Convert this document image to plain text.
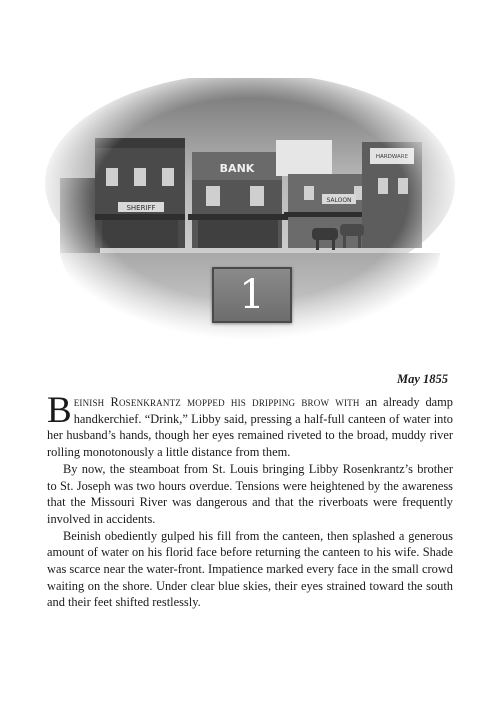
1
May 1855

Beinish Rosenkrantz mopped his dripping brow with an already damp handkerchief. “Drink,” Libby said, pressing a half-full canteen of water into her husband’s hands, though her eyes remained riveted to the broad, muddy river rolling monotonously a little distance from them.

By now, the steamboat from St. Louis bringing Libby Rosenkrantz’s brother to St. Joseph was two hours overdue. Tensions were heightened by the awareness that the Missouri River was dangerous and that the riverboats were frequently involved in accidents.

Beinish obediently gulped his fill from the canteen, then splashed a generous amount of water on his florid face before returning the canteen to his wife. Shade was scarce near the water-front. Impatience marked every face in the small crowd waiting on the shore. Under clear blue skies, their eyes strained toward the south and their feet shifted restlessly.
